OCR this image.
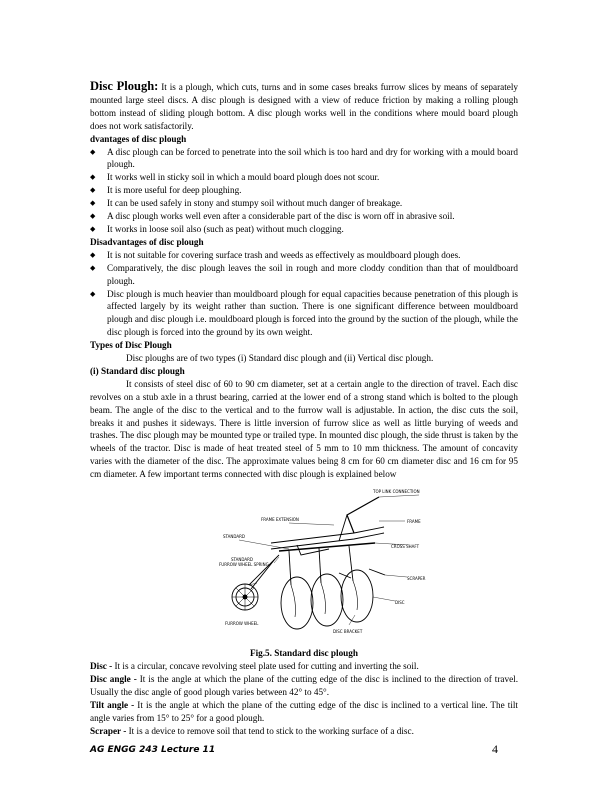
Disc Plough: It is a plough, which cuts, turns and in some cases breaks furrow slices by means of separately mounted large steel discs. A disc plough is designed with a view of reduce friction by making a rolling plough bottom instead of sliding plough bottom. A disc plough works well in the conditions where mould board plough does not work satisfactorily.

dvantages of disc plough

◆ A disc plough can be forced to penetrate into the soil which is too hard and dry for working with a mould board plough.
◆ It works well in sticky soil in which a mould board plough does not scour.
◆ It is more useful for deep ploughing.
◆ It can be used safely in stony and stumpy soil without much danger of breakage.
◆ A disc plough works well even after a considerable part of the disc is worn off in abrasive soil.
◆ It works in loose soil also (such as peat) without much clogging.

Disadvantages of disc plough

◆ It is not suitable for covering surface trash and weeds as effectively as mouldboard plough does.
◆ Comparatively, the disc plough leaves the soil in rough and more cloddy condition than that of mouldboard plough.
◆ Disc plough is much heavier than mouldboard plough for equal capacities because penetration of this plough is affected largely by its weight rather than suction. There is one significant difference between mouldboard plough and disc plough i.e. mouldboard plough is forced into the ground by the suction of the plough, while the disc plough is forced into the ground by its own weight.

Types of Disc Plough

Disc ploughs are of two types (i) Standard disc plough and (ii) Vertical disc plough.

(i) Standard disc plough

It consists of steel disc of 60 to 90 cm diameter, set at a certain angle to the direction of travel. Each disc revolves on a stub axle in a thrust bearing, carried at the lower end of a strong stand which is bolted to the plough beam. The angle of the disc to the vertical and to the furrow wall is adjustable. In action, the disc cuts the soil, breaks it and pushes it sideways. There is little inversion of furrow slice as well as little burying of weeds and trashes. The disc plough may be mounted type or trailed type. In mounted disc plough, the side thrust is taken by the wheels of the tractor. Disc is made of heat treated steel of 5 mm to 10 mm thickness. The amount of concavity varies with the diameter of the disc. The approximate values being 8 cm for 60 cm diameter disc and 16 cm for 95 cm diameter. A few important terms connected with disc plough is explained below

TOP LINK CONNECTION
FRAME EXTENSION	FRAME
STANDARD
CROSS SHAFT
STANDARD
FURROW WHEEL SPRING
SCRAPER
FURROW WHEEL
DISC
DISC BRACKET

Fig.5. Standard disc plough

Disc - It is a circular, concave revolving steel plate used for cutting and inverting the soil.

Disc angle - It is the angle at which the plane of the cutting edge of the disc is inclined to the direction of travel. Usually the disc angle of good plough varies between 42° to 45°.

Tilt angle - It is the angle at which the plane of the cutting edge of the disc is inclined to a vertical line. The tilt angle varies from 15° to 25° for a good plough.

Scraper - It is a device to remove soil that tend to stick to the working surface of a disc.

AG ENGG 243 Lecture 11	4
